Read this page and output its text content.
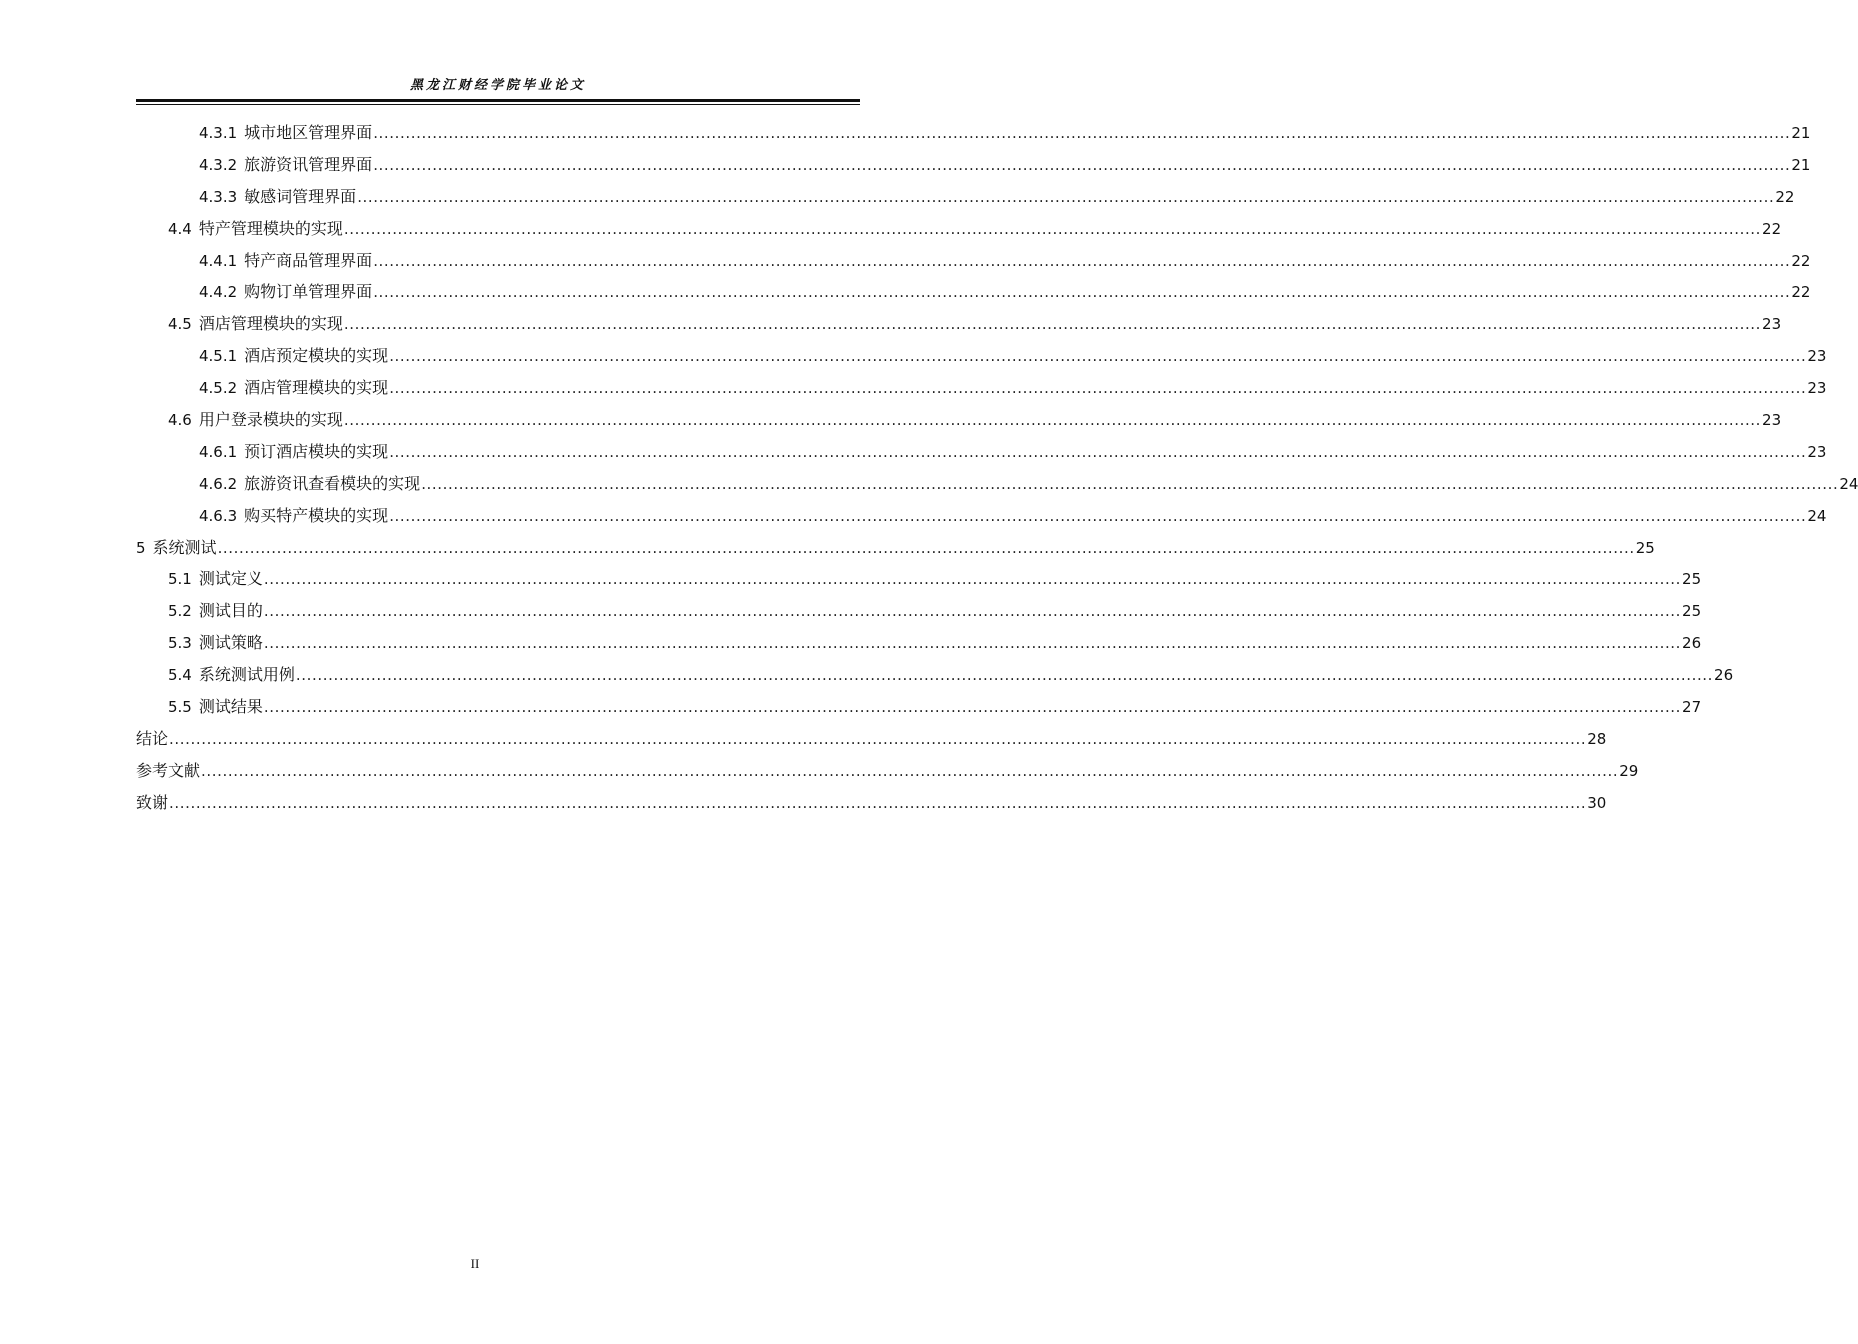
黑龙江财经学院毕业论文
4.3.1 城市地区管理界面 ........................................................................................................................................................................................................................................................................ 21
4.3.2 旅游资讯管理界面 ........................................................................................................................................................................................................................................................................ 21
4.3.3 敏感词管理界面 ........................................................................................................................................................................................................................................................................ 22
4.4 特产管理模块的实现 ........................................................................................................................................................................................................................................................................ 22
4.4.1 特产商品管理界面 ........................................................................................................................................................................................................................................................................ 22
4.4.2 购物订单管理界面 ........................................................................................................................................................................................................................................................................ 22
4.5 酒店管理模块的实现 ........................................................................................................................................................................................................................................................................ 23
4.5.1 酒店预定模块的实现 ........................................................................................................................................................................................................................................................................ 23
4.5.2 酒店管理模块的实现 ........................................................................................................................................................................................................................................................................ 23
4.6 用户登录模块的实现 ........................................................................................................................................................................................................................................................................ 23
4.6.1 预订酒店模块的实现 ........................................................................................................................................................................................................................................................................ 23
4.6.2 旅游资讯查看模块的实现 ........................................................................................................................................................................................................................................................................ 24
4.6.3 购买特产模块的实现 ........................................................................................................................................................................................................................................................................ 24
5 系统测试 ........................................................................................................................................................................................................................................................................ 25
5.1 测试定义 ........................................................................................................................................................................................................................................................................ 25
5.2 测试目的 ........................................................................................................................................................................................................................................................................ 25
5.3 测试策略 ........................................................................................................................................................................................................................................................................ 26
5.4 系统测试用例 ........................................................................................................................................................................................................................................................................ 26
5.5 测试结果 ........................................................................................................................................................................................................................................................................ 27
结论 ........................................................................................................................................................................................................................................................................ 28
参考文献 ........................................................................................................................................................................................................................................................................ 29
致谢 ........................................................................................................................................................................................................................................................................ 30
II
